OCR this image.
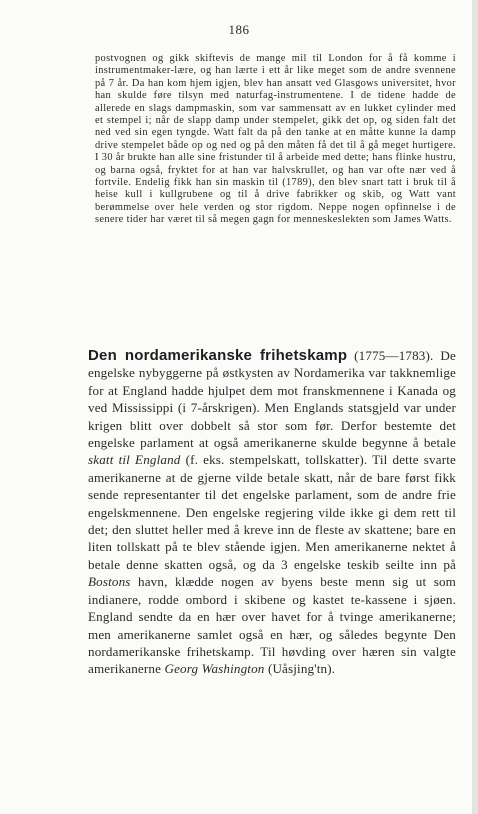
186

postvognen og gikk skiftevis de mange mil til London for å få komme i instrumentmaker-lære, og han lærte i ett år like meget som de andre svennene på 7 år. Da han kom hjem igjen, blev han ansatt ved Glasgows universitet, hvor han skulde føre tilsyn med naturfag-instrumentene. I de tidene hadde de allerede en slags dampmaskin, som var sammensatt av en lukket cylinder med et stempel i; når de slapp damp under stempelet, gikk det op, og siden falt det ned ved sin egen tyngde. Watt falt da på den tanke at en måtte kunne la damp drive stempelet både op og ned og på den måten få det til å gå meget hurtigere. I 30 år brukte han alle sine fristunder til å arbeide med dette; hans flinke hustru, og barna også, fryktet for at han var halvskrullet, og han var ofte nær ved å fortvile. Endelig fikk han sin maskin til (1789), den blev snart tatt i bruk til å heise kull i kullgrubene og til å drive fabrikker og skib, og Watt vant berømmelse over hele verden og stor rigdom. Neppe nogen opfinnelse i de senere tider har været til så megen gagn for menneskeslekten som James Watts.

Den nordamerikanske frihetskamp (1775—1783). De engelske nybyggerne på østkysten av Nordamerika var takknemlige for at England hadde hjulpet dem mot franskmennene i Kanada og ved Mississippi (i 7-årskrigen). Men Englands statsgjeld var under krigen blitt over dobbelt så stor som før. Derfor bestemte det engelske parlament at også amerikanerne skulde begynne å betale skatt til England (f. eks. stempelskatt, tollskatter). Til dette svarte amerikanerne at de gjerne vilde betale skatt, når de bare først fikk sende representanter til det engelske parlament, som de andre frie engelskmennene. Den engelske regjering vilde ikke gi dem rett til det; den sluttet heller med å kreve inn de fleste av skattene; bare en liten tollskatt på te blev stående igjen. Men amerikanerne nektet å betale denne skatten også, og da 3 engelske teskib seilte inn på Bostons havn, klædde nogen av byens beste menn sig ut som indianere, rodde ombord i skibene og kastet te-kassene i sjøen. England sendte da en hær over havet for å tvinge amerikanerne; men amerikanerne samlet også en hær, og således begynte Den nordamerikanske frihetskamp. Til høvding over hæren sin valgte amerikanerne Georg Washington (Uåsjing'tn).
